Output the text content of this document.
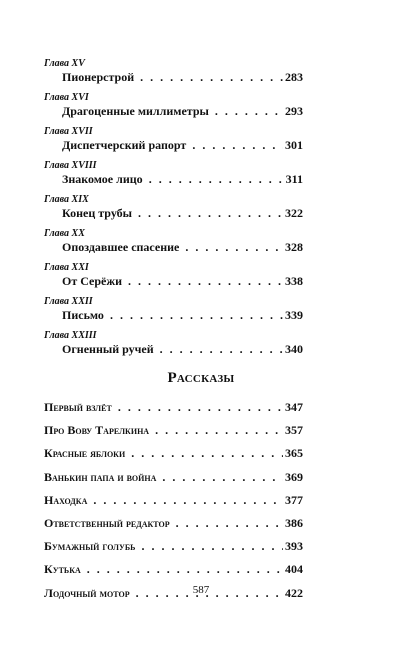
Глава XV
Пионерстрой . . .	283
Глава XVI
Драгоценные миллиметры . . .	293
Глава XVII
Диспетчерский рапорт . . .	301
Глава XVIII
Знакомое лицо . . .	311
Глава XIX
Конец трубы . . .	322
Глава XX
Опоздавшее спасение . . .	328
Глава XXI
От Серёжи . . .	338
Глава XXII
Письмо . . .	339
Глава XXIII
Огненный ручей . . .	340
Рассказы
Первый взлёт . . .	347
Про Вову Тарелкина . . .	357
Красные яблоки . . .	365
Ванькин папа и война . . .	369
Находка . . .	377
Ответственный редактор . . .	386
Бумажный голубь . . .	393
Кутька . . .	404
Лодочный мотор . . .	422
587
